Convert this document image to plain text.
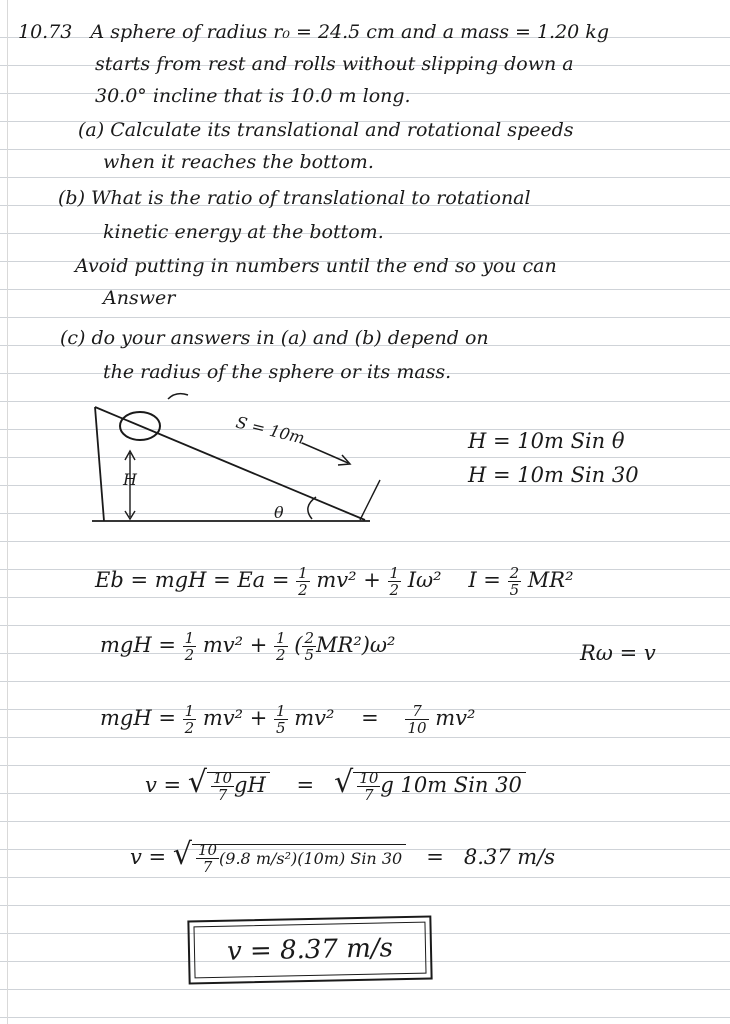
10.73 A sphere of radius r₀ = 24.5 cm and a mass = 1.20 kg
starts from rest and rolls without slipping down a
30.0° incline that is 10.0 m long.
(a) Calculate its translational and rotational speeds
when it reaches the bottom.
(b) What is the ratio of translational to rotational
kinetic energy at the bottom.
Avoid putting in numbers until the end so you can
Answer
(c) do your answers in (a) and (b) depend on
the radius of the sphere or its mass.
S = 10m
H
θ
H = 10m Sin θ
H = 10m Sin 30
Eb = mgH = $Ea = \frac{1}{2} mv^2 + \frac{1}{2} I\omega^2$ $I = \frac{2}{5} MR^2$
mgH = $\frac{1}{2} mv^2 + \frac{1}{2}$ ( $\frac{2}{5} MR^2)\omega^2$	Rω = v
mgH = $\frac{1}{2} mv^2 + \frac{1}{5} mv^2 = \frac{7}{10} mv^2$
v = √ $\frac{10}{7}$ gH = √ $\frac{10}{7}$ g 10m Sin 30
v = √ $\frac{10}{7} (9.8$ m/s²)(10m) Sin 30 = 8.37 m/s
v = 8.37 m/s
